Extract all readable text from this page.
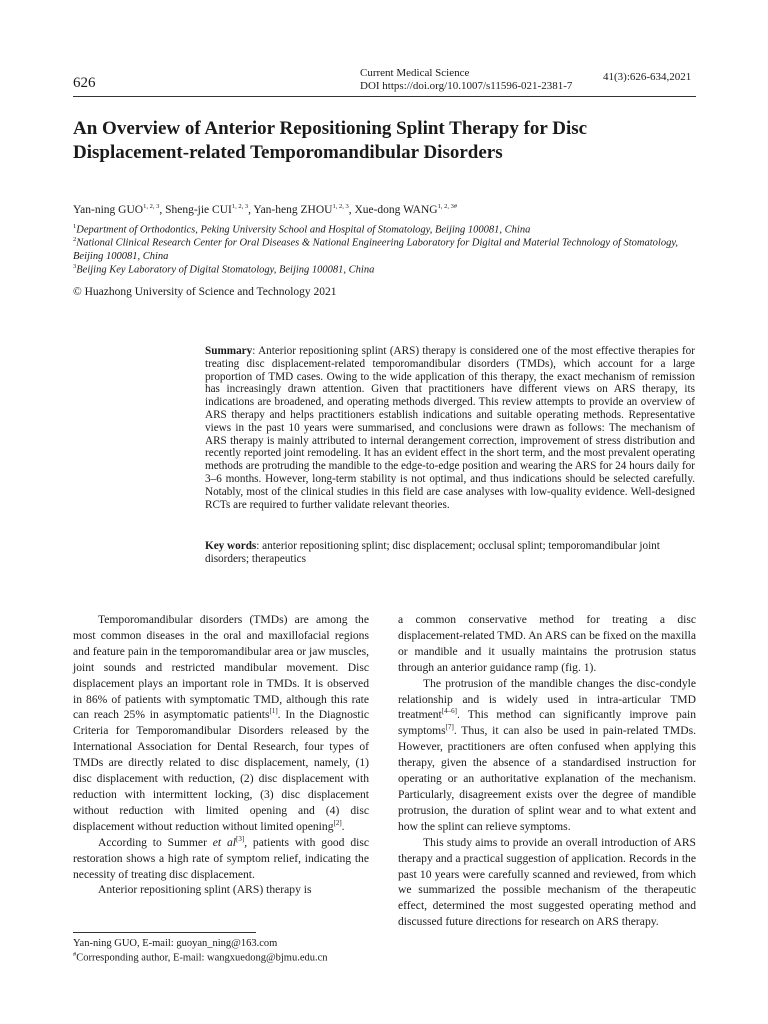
626
Current Medical Science
DOI https://doi.org/10.1007/s11596-021-2381-7
41(3):626-634,2021
An Overview of Anterior Repositioning Splint Therapy for Disc Displacement-related Temporomandibular Disorders
Yan-ning GUO$^{1, 2, 3}$, Sheng-jie CUI$^{1, 2, 3}$, Yan-heng ZHOU$^{1, 2, 3}$, Xue-dong $WANG^{1, 2, 3\#}$
$^1$Department of Orthodontics, Peking University School and Hospital of Stomatology, Beijing 100081, China
$^2$National Clinical Research Center for Oral Diseases & National Engineering Laboratory for Digital and Material Technology of Stomatology, Beijing 100081, China
$^3$Beijing Key Laboratory of Digital Stomatology, Beijing 100081, China
© Huazhong University of Science and Technology 2021
Summary: Anterior repositioning splint (ARS) therapy is considered one of the most effective therapies for treating disc displacement-related temporomandibular disorders (TMDs), which account for a large proportion of TMD cases. Owing to the wide application of this therapy, the exact mechanism of remission has increasingly drawn attention. Given that practitioners have different views on ARS therapy, its indications are broadened, and operating methods diverged. This review attempts to provide an overview of ARS therapy and helps practitioners establish indications and suitable operating methods. Representative views in the past 10 years were summarised, and conclusions were drawn as follows: The mechanism of ARS therapy is mainly attributed to internal derangement correction, improvement of stress distribution and recently reported joint remodeling. It has an evident effect in the short term, and the most prevalent operating methods are protruding the mandible to the edge-to-edge position and wearing the ARS for 24 hours daily for 3–6 months. However, long-term stability is not optimal, and thus indications should be selected carefully. Notably, most of the clinical studies in this field are case analyses with low-quality evidence. Well-designed RCTs are required to further validate relevant theories.
Key words: anterior repositioning splint; disc displacement; occlusal splint; temporomandibular joint disorders; therapeutics

Temporomandibular disorders (TMDs) are among the most common diseases in the oral and maxillofacial regions and feature pain in the temporomandibular area or jaw muscles, joint sounds and restricted mandibular movement. Disc displacement plays an important role in TMDs. It is observed in 86% of patients with symptomatic TMD, although this rate can reach 25% in asymptomatic patients[1]. In the Diagnostic Criteria for Temporomandibular Disorders released by the International Association for Dental Research, four types of TMDs are directly related to disc displacement, namely, (1) disc displacement with reduction, (2) disc displacement with reduction with intermittent locking, (3) disc displacement without reduction with limited opening and (4) disc displacement without reduction without limited opening[2].

According to Summer et al[3], patients with good disc restoration shows a high rate of symptom relief, indicating the necessity of treating disc displacement.

Anterior repositioning splint (ARS) therapy is

a common conservative method for treating a disc displacement-related TMD. An ARS can be fixed on the maxilla or mandible and it usually maintains the protrusion status through an anterior guidance ramp (fig. 1).

The protrusion of the mandible changes the disc-condyle relationship and is widely used in intra-articular TMD treatment[4–6]. This method can significantly improve pain symptoms[7]. Thus, it can also be used in pain-related TMDs. However, practitioners are often confused when applying this therapy, given the absence of a standardised instruction for operating or an authoritative explanation of the mechanism. Particularly, disagreement exists over the degree of mandible protrusion, the duration of splint wear and to what extent and how the splint can relieve symptoms.

This study aims to provide an overall introduction of ARS therapy and a practical suggestion of application. Records in the past 10 years were carefully scanned and reviewed, from which we summarized the possible mechanism of the therapeutic effect, determined the most suggested operating method and discussed future directions for research on ARS therapy.

Yan-ning GUO, E-mail: guoyan_ning@163.com
#Corresponding author, E-mail: wangxuedong@bjmu.edu.cn
